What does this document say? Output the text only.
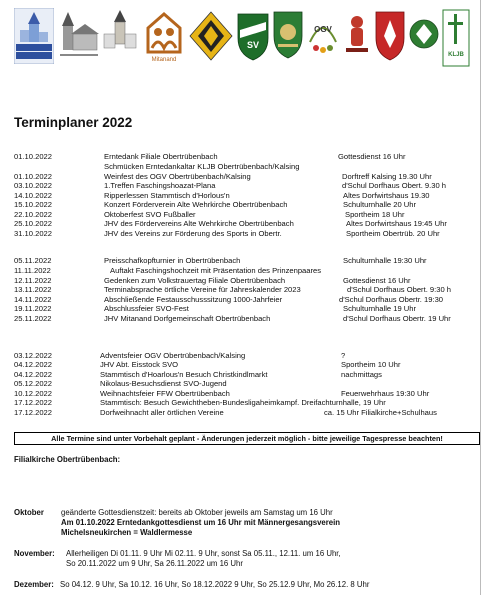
Mitanand
SV
OGV
KLJB
Terminplaner 2022
01.10.2022	Erntedank Filiale Obertrübenbach	Gottesdienst 16 Uhr
Schmücken Erntedankaltar KLJB Obertrübenbach/Kalsing
01.10.2022	Weinfest des OGV Obertrübenbach/Kalsing	Dorftreff Kalsing 19.30 Uhr
03.10.2022	1.Treffen Faschingshoazat-Plana	d'Schul Dorfhaus Obert. 9.30 h
14.10.2022	Ripperlessen Stammtisch d'Horlous'n	Altes Dorfwirtshaus 19.30
15.10.2022	Konzert Förderverein Alte Wehrkirche Obertrübenbach	Schulturnhalle 20 Uhr
22.10.2022	Oktoberfest SVO Fußballer	Sportheim 18 Uhr
25.10.2022	JHV des Fördervereins Alte Wehrkirche Obertrübenbach	Altes Dorfwirtshaus 19:45 Uhr
31.10.2022	JHV des Vereins zur Förderung des Sports in Obertr.	Sportheim Obertrüb. 20 Uhr
05.11.2022	Preisschafkopfturnier in Obertrübenbach	Schulturnhalle 19:30 Uhr
11.11.2022	Auftakt Faschingshochzeit mit Präsentation des Prinzenpaares
12.11.2022	Gedenken zum Volkstrauertag Filiale Obertrübenbach	Gottesdienst 16 Uhr
13.11.2022	Terminabsprache örtliche Vereine für Jahreskalender 2023	d'Schul Dorfhaus Obert. 9:30 h
14.11.2022	Abschließende Festausschusssitzung 1000-Jahrfeier	d'Schul Dorfhaus Obertr. 19:30
19.11.2022	Abschlussfeier SVO-Fest	Schulturnhalle 19 Uhr
25.11.2022	JHV Mitanand Dorfgemeinschaft Obertrübenbach	d'Schul Dorfhaus Obertr. 19 Uhr
03.12.2022	Adventsfeier OGV Obertrübenbach/Kalsing	?
04.12.2022	JHV Abt. Eisstock SVO	Sportheim 10 Uhr
04.12.2022	Stammtisch d'Hoarlous'n Besuch Christkindlmarkt	nachmittags
05.12.2022	Nikolaus-Besuchsdienst SVO-Jugend
10.12.2022	Weihnachtsfeier FFW Obertrübenbach	Feuerwehrhaus 19:30 Uhr
17.12.2022	Stammtisch: Besuch Gewichtheben-Bundesligaheimkampf. Dreifachturnhalle, 19 Uhr
17.12.2022	Dorfweihnacht aller örtlichen Vereine	ca. 15 Uhr Filialkirche+Schulhaus
Alle Termine sind unter Vorbehalt geplant - Änderungen jederzeit möglich - bitte jeweilige Tagespresse beachten!
Filialkirche Obertrübenbach:
Oktober geänderte Gottesdienstzeit: bereits ab Oktober jeweils am Samstag um 16 Uhr
Am 01.10.2022 Erntedankgottesdienst um 16 Uhr mit Männergesangsverein
Michelsneukirchen = Waldlermesse
November: Allerheiligen Di 01.11. 9 Uhr Mi 02.11. 9 Uhr, sonst Sa 05.11., 12.11. um 16 Uhr,
So 20.11.2022 um 9 Uhr, Sa 26.11.2022 um 16 Uhr
Dezember: So 04.12. 9 Uhr, Sa 10.12. 16 Uhr, So 18.12.2022 9 Uhr, So 25.12.9 Uhr, Mo 26.12. 8 Uhr
